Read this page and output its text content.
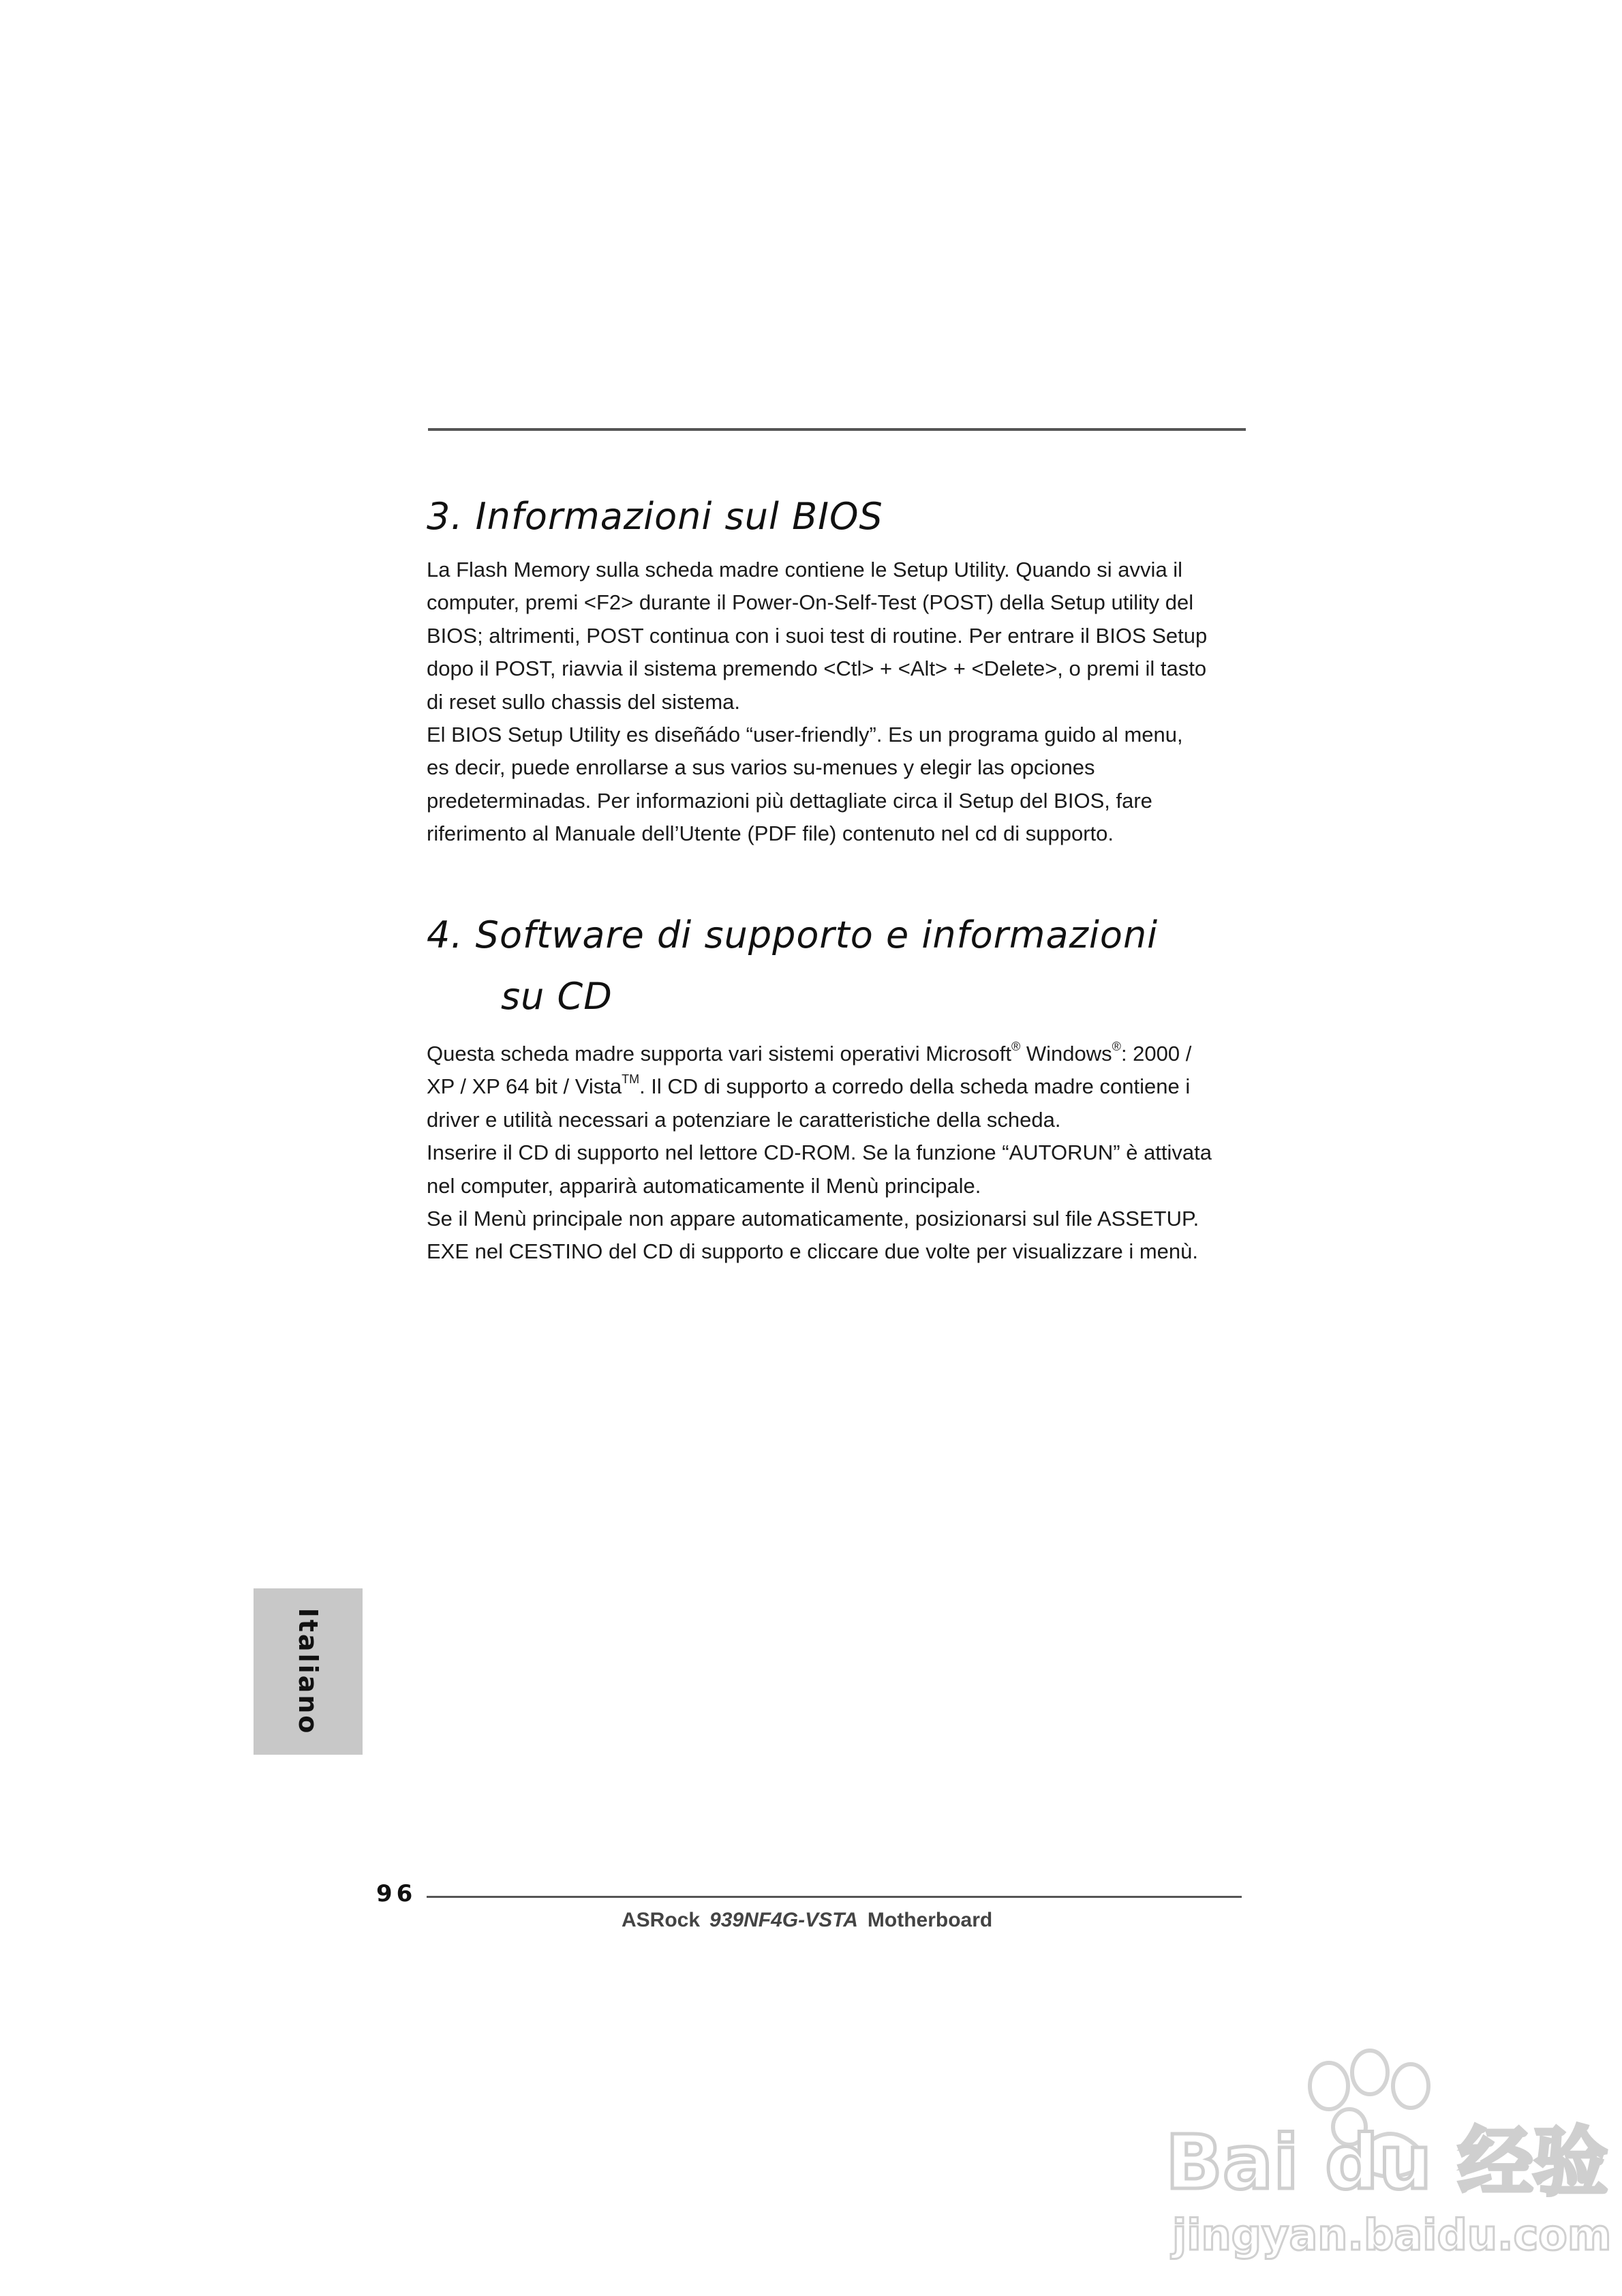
3. Informazioni sul BIOS

La Flash Memory sulla scheda madre contiene le Setup Utility. Quando si avvia il

computer, premi <F2> durante il Power-On-Self-Test (POST) della Setup utility del

BIOS; altrimenti, POST continua con i suoi test di routine. Per entrare il BIOS Setup

dopo il POST, riavvia il sistema premendo <Ctl> + <Alt> + <Delete>, o premi il tasto

di reset sullo chassis del sistema.

El BIOS Setup Utility es diseñádo “user-friendly”. Es un programa guido al menu,

es decir, puede enrollarse a sus varios su-menues y elegir las opciones

predeterminadas. Per informazioni più dettagliate circa il Setup del BIOS, fare

riferimento al Manuale dell’Utente (PDF file) contenuto nel cd di supporto.

4. Software di supporto e informazioni
su CD

Questa scheda madre supporta vari sistemi operativi Microsoft® Windows®: 2000 /

XP / XP 64 bit / Vista™. Il CD di supporto a corredo della scheda madre contiene i

driver e utilità necessari a potenziare le caratteristiche della scheda.

Inserire il CD di supporto nel lettore CD-ROM. Se la funzione “AUTORUN” è attivata

nel computer, apparirà automaticamente il Menù principale.

Se il Menù principale non appare automaticamente, posizionarsi sul file ASSETUP.

EXE nel CESTINO del CD di supporto e cliccare due volte per visualizzare i menù.

Italiano
96
ASRock 939NF4G-VSTA Motherboard
Bai du 经验
jingyan.baidu.com
